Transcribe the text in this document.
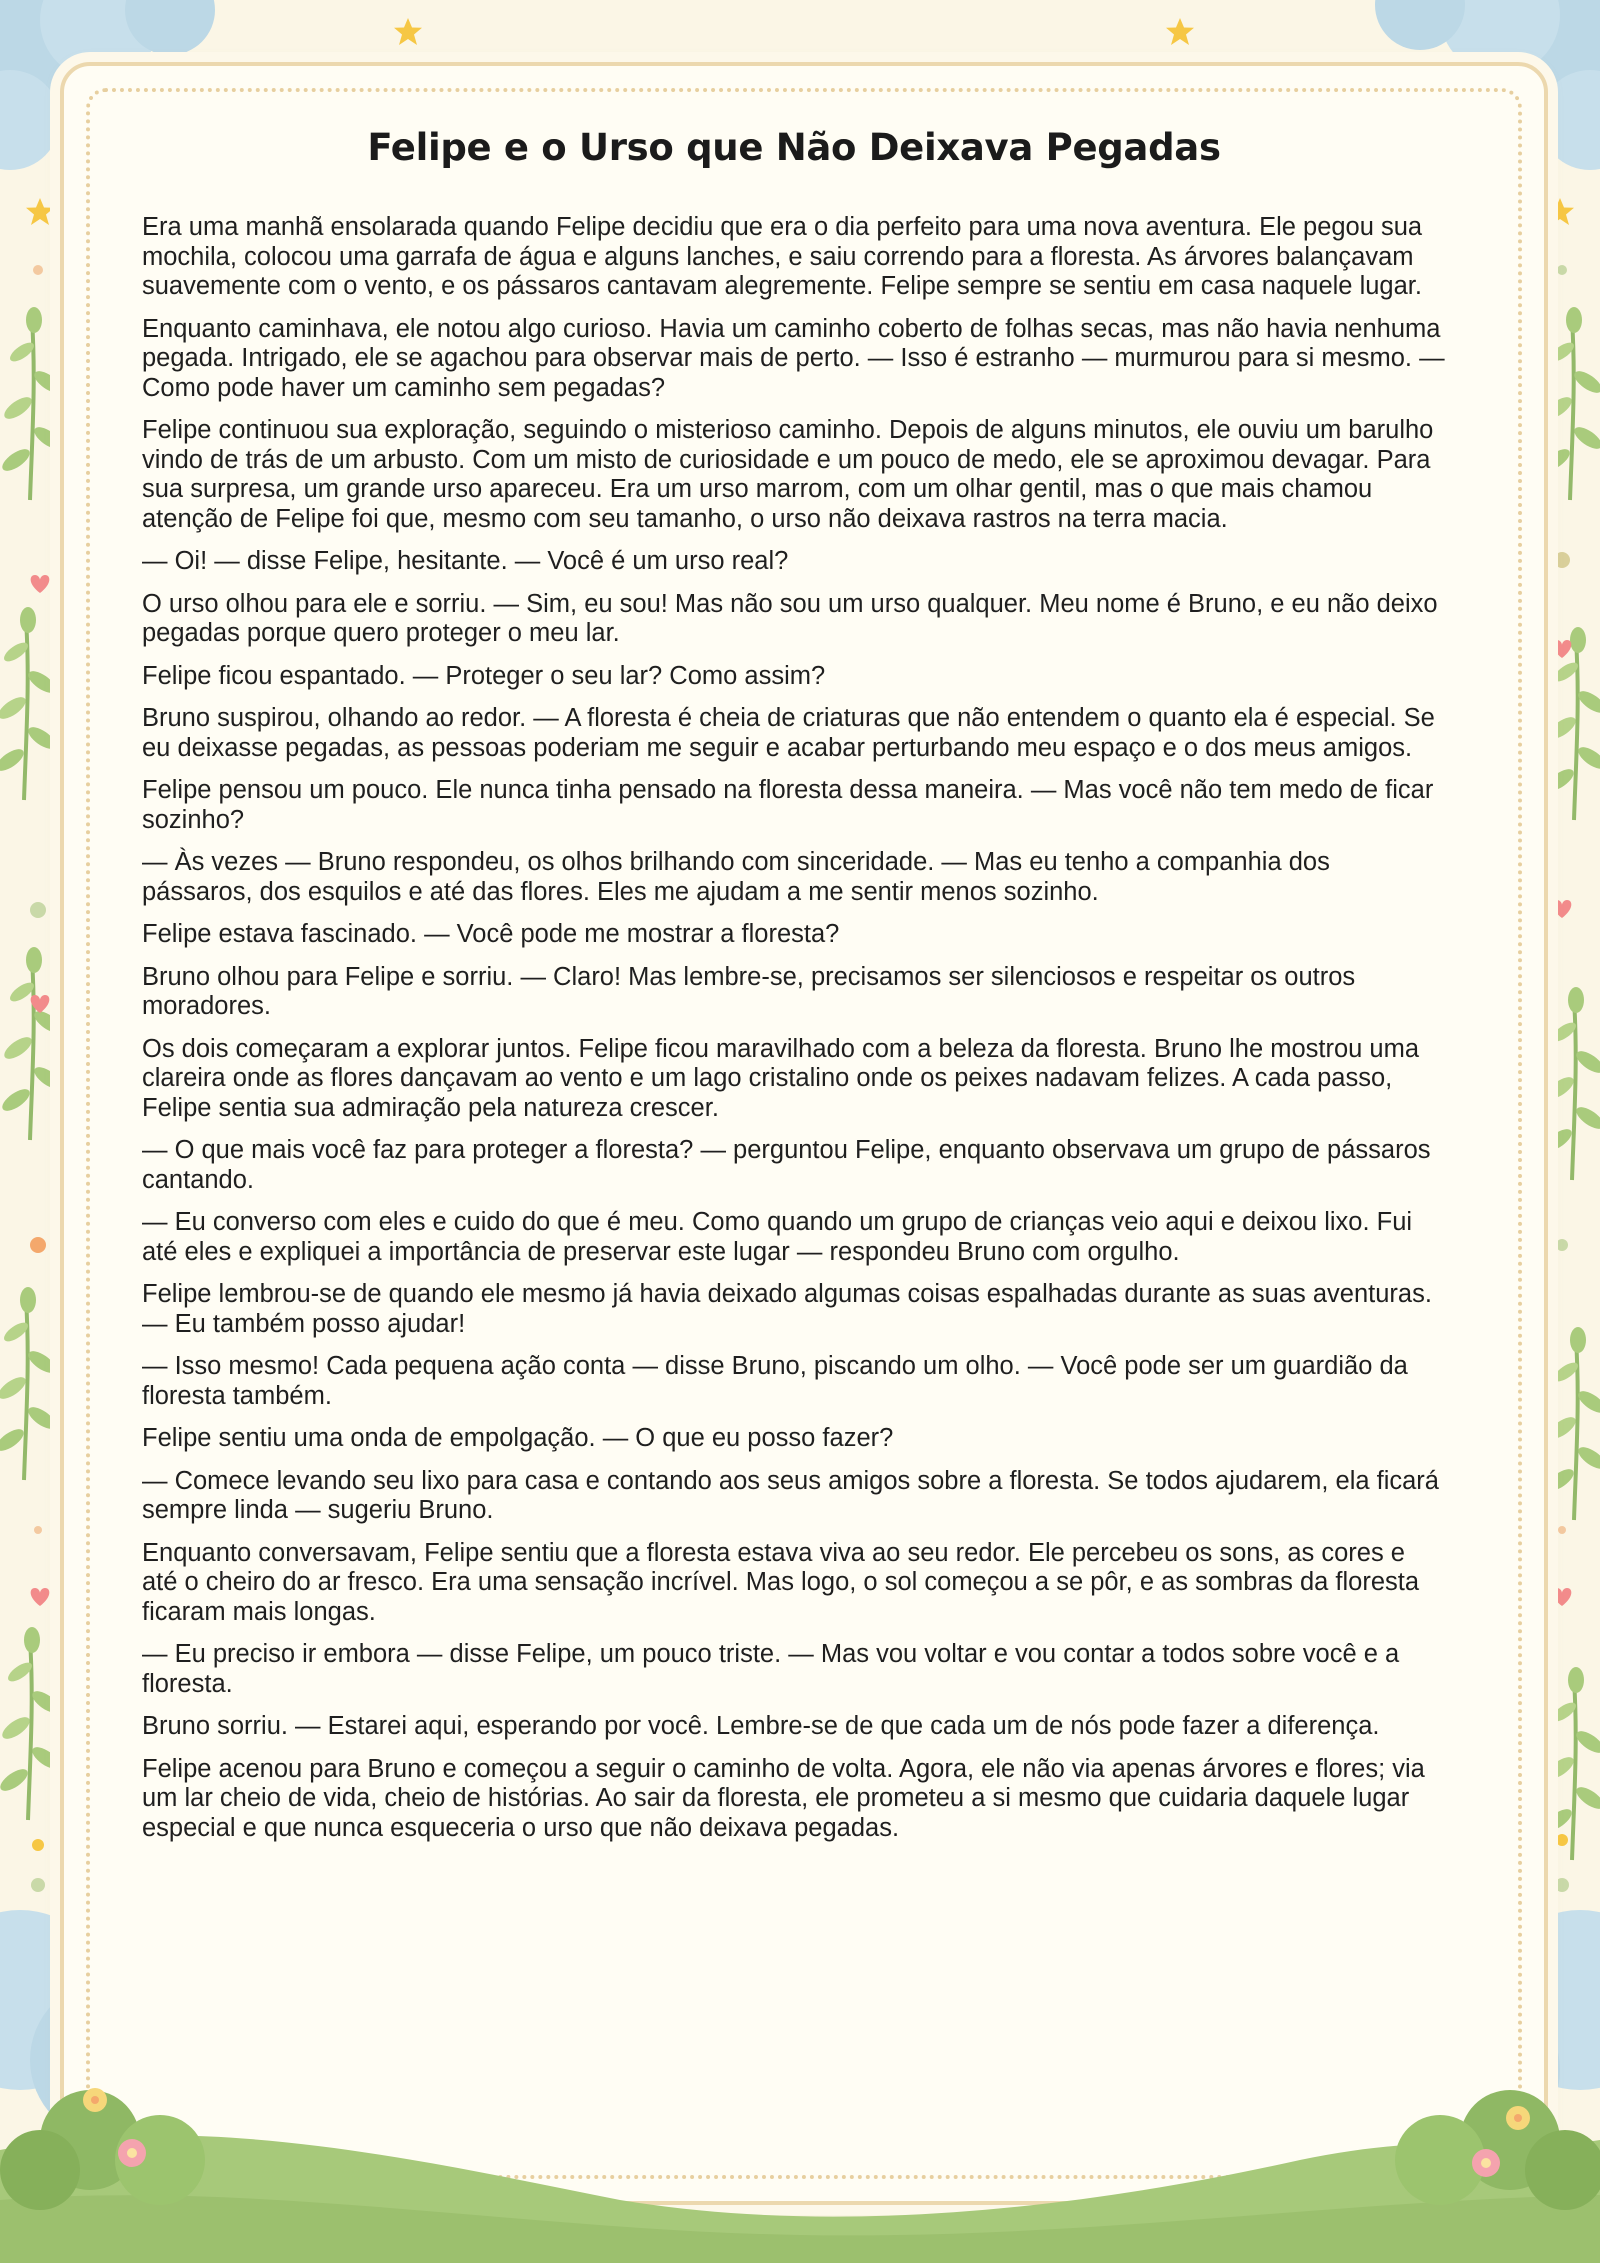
Felipe e o Urso que Não Deixava Pegadas

Era uma manhã ensolarada quando Felipe decidiu que era o dia perfeito para uma nova aventura. Ele pegou sua mochila, colocou uma garrafa de água e alguns lanches, e saiu correndo para a floresta. As árvores balançavam suavemente com o vento, e os pássaros cantavam alegremente. Felipe sempre se sentiu em casa naquele lugar.

Enquanto caminhava, ele notou algo curioso. Havia um caminho coberto de folhas secas, mas não havia nenhuma pegada. Intrigado, ele se agachou para observar mais de perto. — Isso é estranho — murmurou para si mesmo. — Como pode haver um caminho sem pegadas?

Felipe continuou sua exploração, seguindo o misterioso caminho. Depois de alguns minutos, ele ouviu um barulho vindo de trás de um arbusto. Com um misto de curiosidade e um pouco de medo, ele se aproximou devagar. Para sua surpresa, um grande urso apareceu. Era um urso marrom, com um olhar gentil, mas o que mais chamou atenção de Felipe foi que, mesmo com seu tamanho, o urso não deixava rastros na terra macia.

— Oi! — disse Felipe, hesitante. — Você é um urso real?

O urso olhou para ele e sorriu. — Sim, eu sou! Mas não sou um urso qualquer. Meu nome é Bruno, e eu não deixo pegadas porque quero proteger o meu lar.

Felipe ficou espantado. — Proteger o seu lar? Como assim?

Bruno suspirou, olhando ao redor. — A floresta é cheia de criaturas que não entendem o quanto ela é especial. Se eu deixasse pegadas, as pessoas poderiam me seguir e acabar perturbando meu espaço e o dos meus amigos.

Felipe pensou um pouco. Ele nunca tinha pensado na floresta dessa maneira. — Mas você não tem medo de ficar sozinho?

— Às vezes — Bruno respondeu, os olhos brilhando com sinceridade. — Mas eu tenho a companhia dos pássaros, dos esquilos e até das flores. Eles me ajudam a me sentir menos sozinho.

Felipe estava fascinado. — Você pode me mostrar a floresta?

Bruno olhou para Felipe e sorriu. — Claro! Mas lembre-se, precisamos ser silenciosos e respeitar os outros moradores.

Os dois começaram a explorar juntos. Felipe ficou maravilhado com a beleza da floresta. Bruno lhe mostrou uma clareira onde as flores dançavam ao vento e um lago cristalino onde os peixes nadavam felizes. A cada passo, Felipe sentia sua admiração pela natureza crescer.

— O que mais você faz para proteger a floresta? — perguntou Felipe, enquanto observava um grupo de pássaros cantando.

— Eu converso com eles e cuido do que é meu. Como quando um grupo de crianças veio aqui e deixou lixo. Fui até eles e expliquei a importância de preservar este lugar — respondeu Bruno com orgulho.

Felipe lembrou-se de quando ele mesmo já havia deixado algumas coisas espalhadas durante as suas aventuras. — Eu também posso ajudar!

— Isso mesmo! Cada pequena ação conta — disse Bruno, piscando um olho. — Você pode ser um guardião da floresta também.

Felipe sentiu uma onda de empolgação. — O que eu posso fazer?

— Comece levando seu lixo para casa e contando aos seus amigos sobre a floresta. Se todos ajudarem, ela ficará sempre linda — sugeriu Bruno.

Enquanto conversavam, Felipe sentiu que a floresta estava viva ao seu redor. Ele percebeu os sons, as cores e até o cheiro do ar fresco. Era uma sensação incrível. Mas logo, o sol começou a se pôr, e as sombras da floresta ficaram mais longas.

— Eu preciso ir embora — disse Felipe, um pouco triste. — Mas vou voltar e vou contar a todos sobre você e a floresta.

Bruno sorriu. — Estarei aqui, esperando por você. Lembre-se de que cada um de nós pode fazer a diferença.

Felipe acenou para Bruno e começou a seguir o caminho de volta. Agora, ele não via apenas árvores e flores; via um lar cheio de vida, cheio de histórias. Ao sair da floresta, ele prometeu a si mesmo que cuidaria daquele lugar especial e que nunca esqueceria o urso que não deixava pegadas.
